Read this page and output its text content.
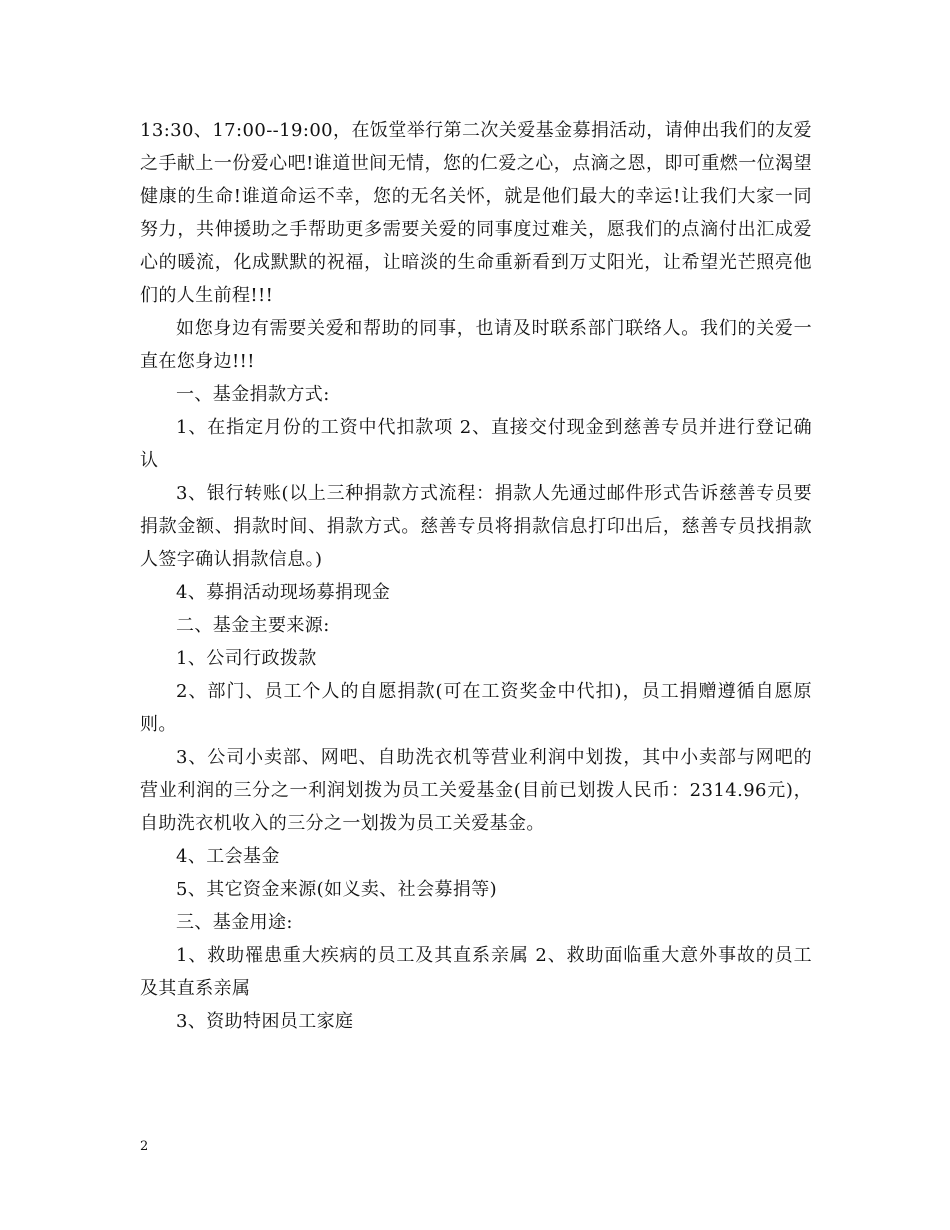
13:30、17:00--19:00，在饭堂举行第二次关爱基金募捐活动，请伸出我们的友爱之手献上一份爱心吧!谁道世间无情，您的仁爱之心，点滴之恩，即可重燃一位渴望健康的生命!谁道命运不幸，您的无名关怀，就是他们最大的幸运!让我们大家一同努力，共伸援助之手帮助更多需要关爱的同事度过难关，愿我们的点滴付出汇成爱心的暖流，化成默默的祝福，让暗淡的生命重新看到万丈阳光，让希望光芒照亮他们的人生前程!!!

如您身边有需要关爱和帮助的同事，也请及时联系部门联络人。我们的关爱一直在您身边!!!

一、基金捐款方式:

1、在指定月份的工资中代扣款项 2、直接交付现金到慈善专员并进行登记确认

3、银行转账(以上三种捐款方式流程：捐款人先通过邮件形式告诉慈善专员要捐款金额、捐款时间、捐款方式。慈善专员将捐款信息打印出后，慈善专员找捐款人签字确认捐款信息。)

4、募捐活动现场募捐现金

二、基金主要来源:

1、公司行政拨款

2、部门、员工个人的自愿捐款(可在工资奖金中代扣)，员工捐赠遵循自愿原则。

3、公司小卖部、网吧、自助洗衣机等营业利润中划拨，其中小卖部与网吧的营业利润的三分之一利润划拨为员工关爱基金(目前已划拨人民币：2314.96元)，自助洗衣机收入的三分之一划拨为员工关爱基金。

4、工会基金

5、其它资金来源(如义卖、社会募捐等)

三、基金用途:

1、救助罹患重大疾病的员工及其直系亲属 2、救助面临重大意外事故的员工及其直系亲属

3、资助特困员工家庭

2
